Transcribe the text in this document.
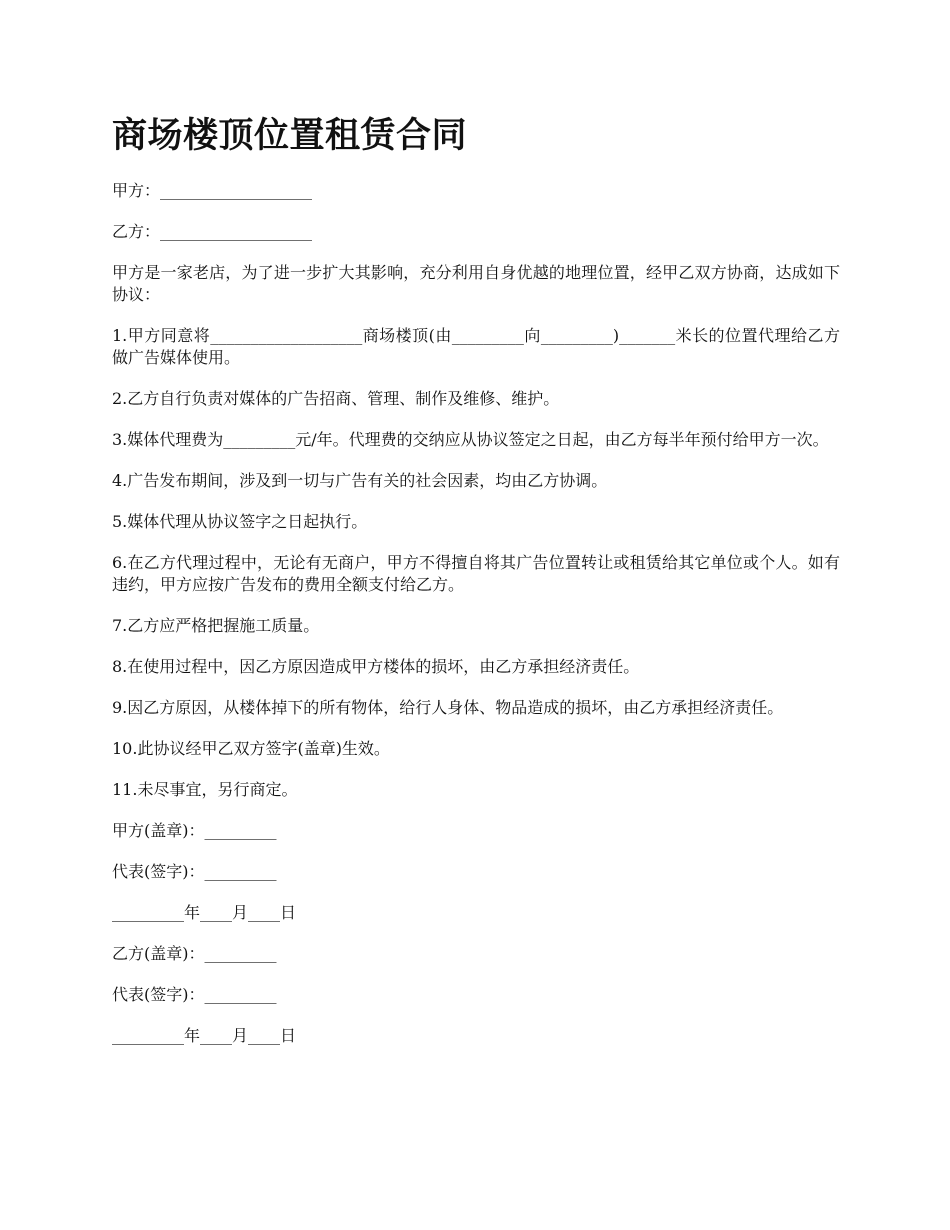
商场楼顶位置租赁合同

甲方：___________________

乙方：___________________

甲方是一家老店，为了进一步扩大其影响，充分利用自身优越的地理位置，经甲乙双方协商，达成如下协议：

1.甲方同意将___________________商场楼顶(由_________向_________)_______米长的位置代理给乙方做广告媒体使用。

2.乙方自行负责对媒体的广告招商、管理、制作及维修、维护。

3.媒体代理费为_________元/年。代理费的交纳应从协议签定之日起，由乙方每半年预付给甲方一次。

4.广告发布期间，涉及到一切与广告有关的社会因素，均由乙方协调。

5.媒体代理从协议签字之日起执行。

6.在乙方代理过程中，无论有无商户，甲方不得擅自将其广告位置转让或租赁给其它单位或个人。如有违约，甲方应按广告发布的费用全额支付给乙方。

7.乙方应严格把握施工质量。

8.在使用过程中，因乙方原因造成甲方楼体的损坏，由乙方承担经济责任。

9.因乙方原因，从楼体掉下的所有物体，给行人身体、物品造成的损坏，由乙方承担经济责任。

10.此协议经甲乙双方签字(盖章)生效。

11.未尽事宜，另行商定。

甲方(盖章)：_________

代表(签字)：_________

_________年____月____日

乙方(盖章)：_________

代表(签字)：_________

_________年____月____日
